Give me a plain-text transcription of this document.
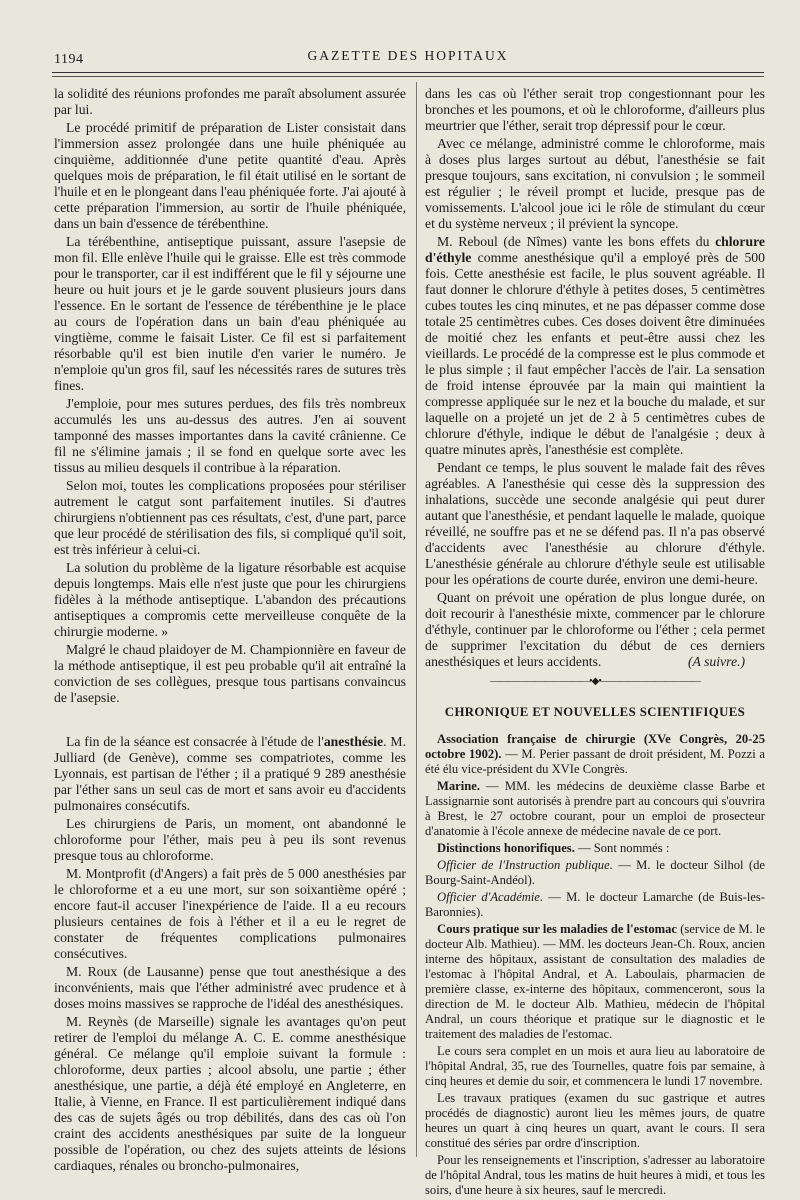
1194	GAZETTE DES HOPITAUX

la solidité des réunions profondes me paraît absolument assurée par lui.

Le procédé primitif de préparation de Lister consistait dans l'immersion assez prolongée dans une huile phéniquée au cinquième, additionnée d'une petite quantité d'eau. Après quelques mois de préparation, le fil était utilisé en le sortant de l'huile et en le plongeant dans l'eau phéniquée forte. J'ai ajouté à cette préparation l'immersion, au sortir de l'huile phéniquée, dans un bain d'essence de térébenthine.

La térébenthine, antiseptique puissant, assure l'asepsie de mon fil. Elle enlève l'huile qui le graisse. Elle est très commode pour le transporter, car il est indifférent que le fil y séjourne une heure ou huit jours et je le garde souvent plusieurs jours dans l'essence. En le sortant de l'essence de térébenthine je le place au cours de l'opération dans un bain d'eau phéniquée au vingtième, comme le faisait Lister. Ce fil est si parfaitement résorbable qu'il est bien inutile d'en varier le numéro. Je n'emploie qu'un gros fil, sauf les nécessités rares de sutures très fines.

J'emploie, pour mes sutures perdues, des fils très nombreux accumulés les uns au-dessus des autres. J'en ai souvent tamponné des masses importantes dans la cavité crânienne. Ce fil ne s'élimine jamais ; il se fond en quelque sorte avec les tissus au milieu desquels il contribue à la réparation.

Selon moi, toutes les complications proposées pour stériliser autrement le catgut sont parfaitement inutiles. Si d'autres chirurgiens n'obtiennent pas ces résultats, c'est, d'une part, parce que leur procédé de stérilisation des fils, si compliqué qu'il soit, est très inférieur à celui-ci.

La solution du problème de la ligature résorbable est acquise depuis longtemps. Mais elle n'est juste que pour les chirurgiens fidèles à la méthode antiseptique. L'abandon des précautions antiseptiques a compromis cette merveilleuse conquête de la chirurgie moderne. »

Malgré le chaud plaidoyer de M. Championnière en faveur de la méthode antiseptique, il est peu probable qu'il ait entraîné la conviction de ses collègues, presque tous partisans convaincus de l'asepsie.

La fin de la séance est consacrée à l'étude de l'anesthésie. M. Julliard (de Genève), comme ses compatriotes, comme les Lyonnais, est partisan de l'éther ; il a pratiqué 9 289 anesthésie par l'éther sans un seul cas de mort et sans avoir eu d'accidents pulmonaires consécutifs.

Les chirurgiens de Paris, un moment, ont abandonné le chloroforme pour l'éther, mais peu à peu ils sont revenus presque tous au chloroforme.

M. Montprofit (d'Angers) a fait près de 5 000 anesthésies par le chloroforme et a eu une mort, sur son soixantième opéré ; encore faut-il accuser l'inexpérience de l'aide. Il a eu recours plusieurs centaines de fois à l'éther et il a eu le regret de constater de fréquentes complications pulmonaires consécutives.

M. Roux (de Lausanne) pense que tout anesthésique a des inconvénients, mais que l'éther administré avec prudence et à doses moins massives se rapproche de l'idéal des anesthésiques.

M. Reynès (de Marseille) signale les avantages qu'on peut retirer de l'emploi du mélange A. C. E. comme anesthésique général. Ce mélange qu'il emploie suivant la formule : chloroforme, deux parties ; alcool absolu, une partie ; éther anesthésique, une partie, a déjà été employé en Angleterre, en Italie, à Vienne, en France. Il est particulièrement indiqué dans des cas de sujets âgés ou trop débilités, dans des cas où l'on craint des accidents anesthésiques par suite de la longueur possible de l'opération, ou chez des sujets atteints de lésions cardiaques, rénales ou broncho-pulmonaires,

dans les cas où l'éther serait trop congestionnant pour les bronches et les poumons, et où le chloroforme, d'ailleurs plus meurtrier que l'éther, serait trop dépressif pour le cœur.

Avec ce mélange, administré comme le chloroforme, mais à doses plus larges surtout au début, l'anesthésie se fait presque toujours, sans excitation, ni convulsion ; le sommeil est régulier ; le réveil prompt et lucide, presque pas de vomissements. L'alcool joue ici le rôle de stimulant du cœur et du système nerveux ; il prévient la syncope.

M. Reboul (de Nîmes) vante les bons effets du chlorure d'éthyle comme anesthésique qu'il a employé près de 500 fois. Cette anesthésie est facile, le plus souvent agréable. Il faut donner le chlorure d'éthyle à petites doses, 5 centimètres cubes toutes les cinq minutes, et ne pas dépasser comme dose totale 25 centimètres cubes. Ces doses doivent être diminuées de moitié chez les enfants et peut-être aussi chez les vieillards. Le procédé de la compresse est le plus commode et le plus simple ; il faut empêcher l'accès de l'air. La sensation de froid intense éprouvée par la main qui maintient la compresse appliquée sur le nez et la bouche du malade, et sur laquelle on a projeté un jet de 2 à 5 centimètres cubes de chlorure d'éthyle, indique le début de l'analgésie ; deux à quatre minutes après, l'anesthésie est complète.

Pendant ce temps, le plus souvent le malade fait des rêves agréables. A l'anesthésie qui cesse dès la suppression des inhalations, succède une seconde analgésie qui peut durer autant que l'anesthésie, et pendant laquelle le malade, quoique réveillé, ne souffre pas et ne se défend pas. Il n'a pas observé d'accidents avec l'anesthésie au chlorure d'éthyle. L'anesthésie générale au chlorure d'éthyle seule est utilisable pour les opérations de courte durée, environ une demi-heure.

Quant on prévoit une opération de plus longue durée, on doit recourir à l'anesthésie mixte, commencer par le chlorure d'éthyle, continuer par le chloroforme ou l'éther ; cela permet de supprimer l'excitation du début de ces derniers anesthésiques et leurs accidents.	(A suivre.)

———————————•◆•———————————
CHRONIQUE ET NOUVELLES SCIENTIFIQUES

Association française de chirurgie (XVe Congrès, 20-25 octobre 1902). — M. Perier passant de droit président, M. Pozzi a été élu vice-président du XVIe Congrès.

Marine. — MM. les médecins de deuxième classe Barbe et Lassignarnie sont autorisés à prendre part au concours qui s'ouvrira à Brest, le 27 octobre courant, pour un emploi de prosecteur d'anatomie à l'école annexe de médecine navale de ce port.

Distinctions honorifiques. — Sont nommés :

Officier de l'Instruction publique. — M. le docteur Silhol (de Bourg-Saint-Andéol).

Officier d'Académie. — M. le docteur Lamarche (de Buis-les-Baronnies).

Cours pratique sur les maladies de l'estomac (service de M. le docteur Alb. Mathieu). — MM. les docteurs Jean-Ch. Roux, ancien interne des hôpitaux, assistant de consultation des maladies de l'estomac à l'hôpital Andral, et A. Laboulais, pharmacien de première classe, ex-interne des hôpitaux, commenceront, sous la direction de M. le docteur Alb. Mathieu, médecin de l'hôpital Andral, un cours théorique et pratique sur le diagnostic et le traitement des maladies de l'estomac.

Le cours sera complet en un mois et aura lieu au laboratoire de l'hôpital Andral, 35, rue des Tournelles, quatre fois par semaine, à cinq heures et demie du soir, et commencera le lundi 17 novembre.

Les travaux pratiques (examen du suc gastrique et autres procédés de diagnostic) auront lieu les mêmes jours, de quatre heures un quart à cinq heures un quart, avant le cours. Il sera constitué des séries par ordre d'inscription.

Pour les renseignements et l'inscription, s'adresser au laboratoire de l'hôpital Andral, tous les matins de huit heures à midi, et tous les soirs, d'une heure à six heures, sauf le mercredi.
